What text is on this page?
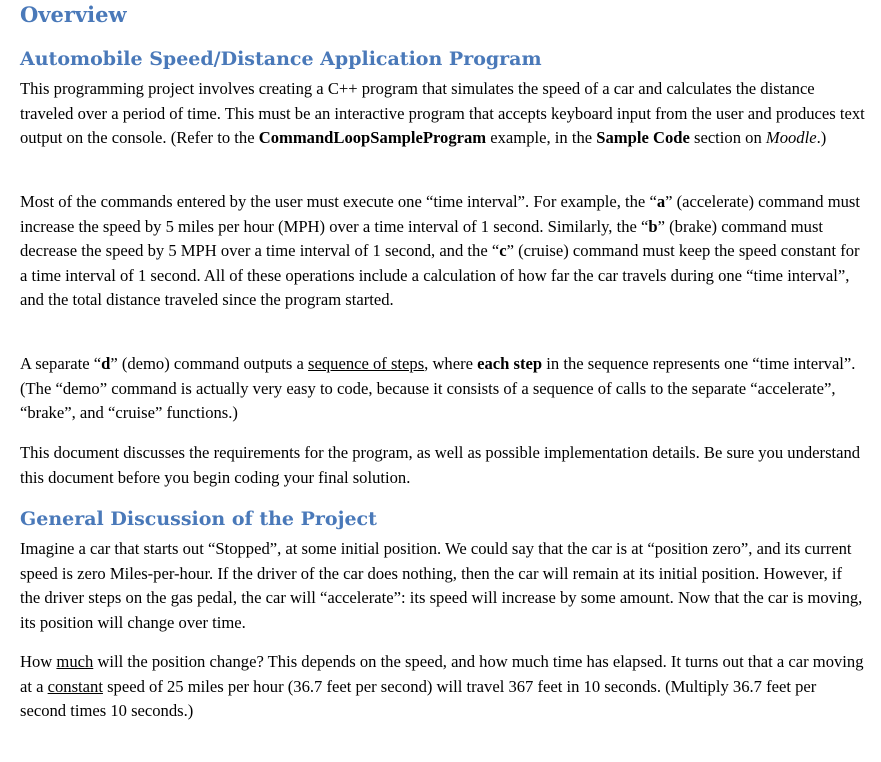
Overview
Automobile Speed/Distance Application Program

This programming project involves creating a C++ program that simulates the speed of a car and calculates the distance traveled over a period of time. This must be an interactive program that accepts keyboard input from the user and produces text output on the console. (Refer to the CommandLoopSampleProgram example, in the Sample Code section on Moodle.)

Most of the commands entered by the user must execute one “time interval”. For example, the “a” (accelerate) command must increase the speed by 5 miles per hour (MPH) over a time interval of 1 second. Similarly, the “b” (brake) command must decrease the speed by 5 MPH over a time interval of 1 second, and the “c” (cruise) command must keep the speed constant for a time interval of 1 second. All of these operations include a calculation of how far the car travels during one “time interval”, and the total distance traveled since the program started.

A separate “d” (demo) command outputs a sequence of steps, where each step in the sequence represents one “time interval”. (The “demo” command is actually very easy to code, because it consists of a sequence of calls to the separate “accelerate”, “brake”, and “cruise” functions.)

This document discusses the requirements for the program, as well as possible implementation details. Be sure you understand this document before you begin coding your final solution.

General Discussion of the Project

Imagine a car that starts out “Stopped”, at some initial position. We could say that the car is at “position zero”, and its current speed is zero Miles-per-hour. If the driver of the car does nothing, then the car will remain at its initial position. However, if the driver steps on the gas pedal, the car will “accelerate”: its speed will increase by some amount. Now that the car is moving, its position will change over time.

How much will the position change? This depends on the speed, and how much time has elapsed. It turns out that a car moving at a constant speed of 25 miles per hour (36.7 feet per second) will travel 367 feet in 10 seconds. (Multiply 36.7 feet per second times 10 seconds.)
